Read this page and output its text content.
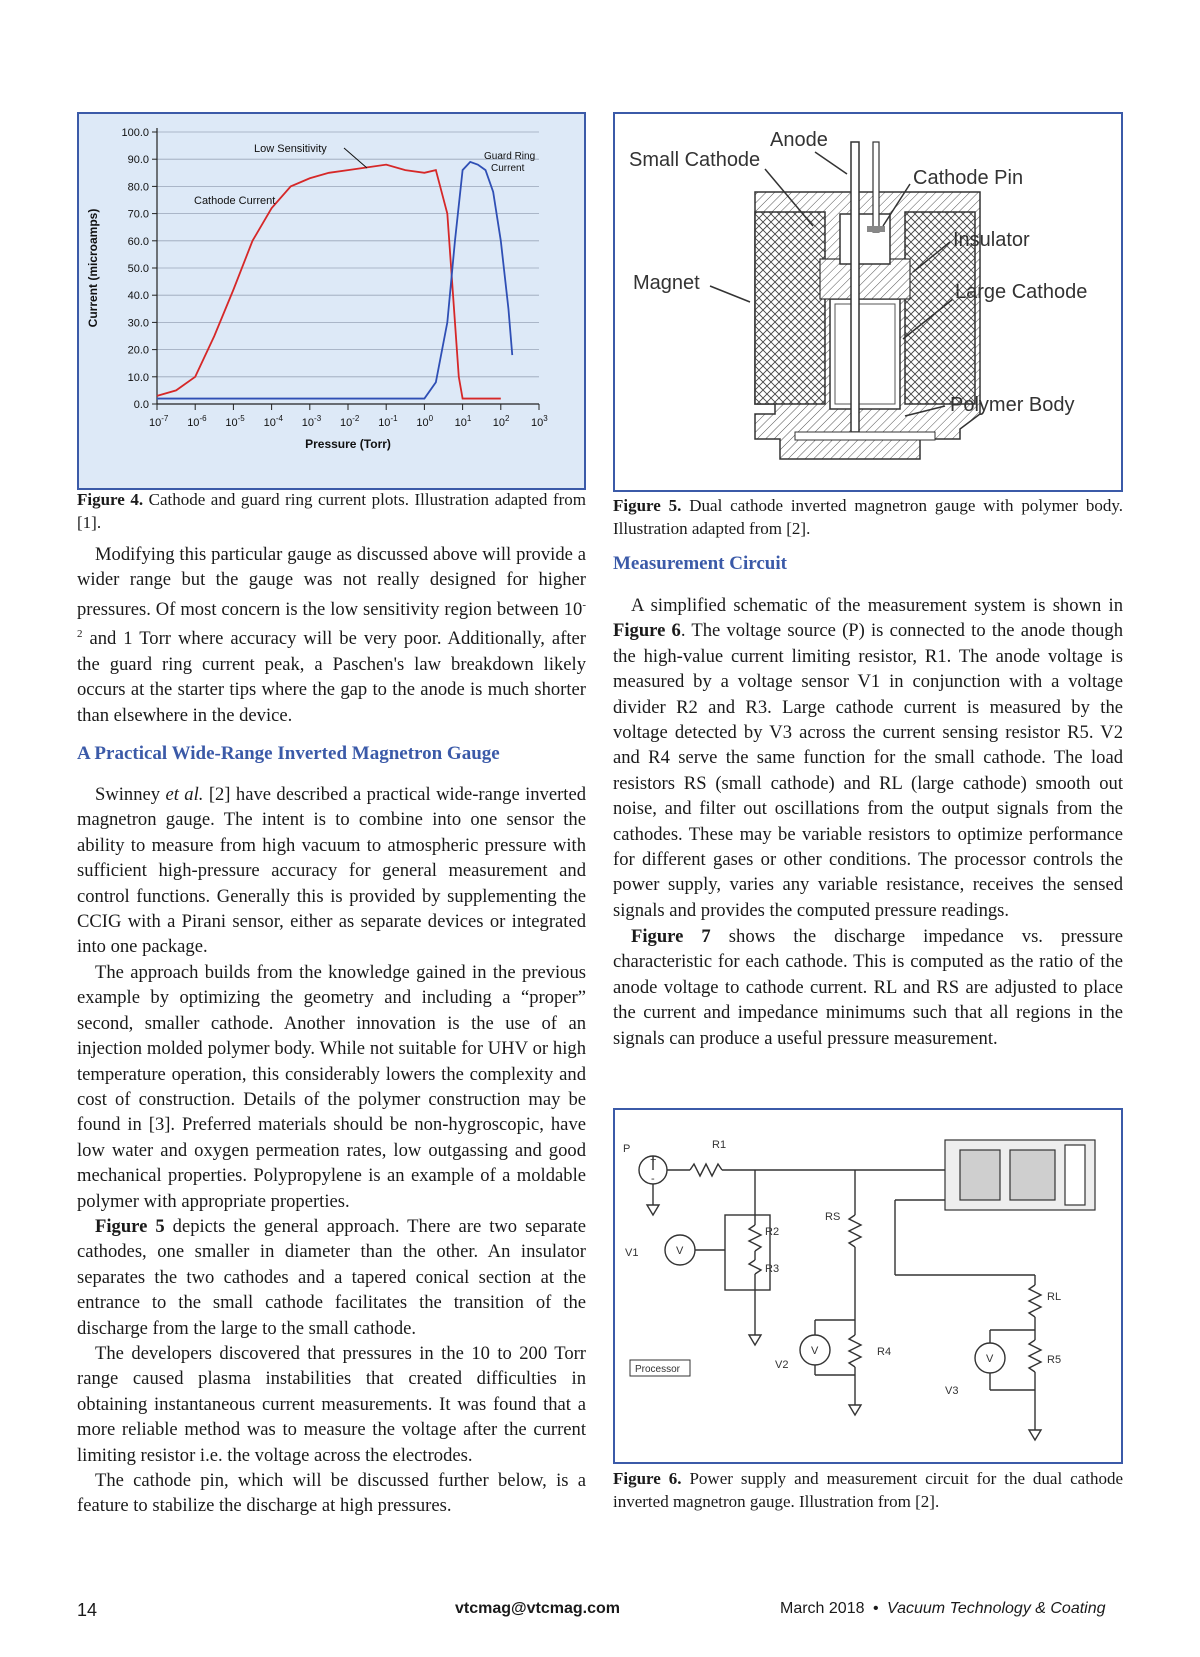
0.0
10.0
20.0
30.0
40.0
50.0
60.0
70.0
80.0
90.0
100.0
$10^{-7}$ $10^{-6}$ $10^{-5}$ $10^{-4}$ $10^{-3}$ $10^{-2}$ $10^{-1}$ $10^0$ $10^1$ $10^2$ $10^3$
Pressure (Torr)
Current (microamps)
Low Sensitivity
Guard Ring
Current
Cathode Current
Figure 4. Cathode and guard ring current plots. Illustration adapted from [1].
Small Cathode
Anode
Cathode Pin
Insulator
Magnet	Large Cathode
Polymer Body
Figure 5. Dual cathode inverted magnetron gauge with polymer body. Illustration adapted from [2].
P
+
-
R1
R2
R3
RS
R4
RL
R5
V1
V2
V3
V
V
V
Processor
Figure 6. Power supply and measurement circuit for the dual cathode inverted magnetron gauge. Illustration from [2].

Modifying this particular gauge as discussed above will provide a wider range but the gauge was not really designed for higher pressures. Of most concern is the low sensitivity region between $10^{-2}$ and 1 Torr where accuracy will be very poor. Additionally, after the guard ring current peak, a Paschen's law breakdown likely occurs at the starter tips where the gap to the anode is much shorter than elsewhere in the device.

A Practical Wide-Range Inverted Magnetron Gauge

Swinney et al. [2] have described a practical wide-range inverted magnetron gauge. The intent is to combine into one sensor the ability to measure from high vacuum to atmospheric pressure with sufficient high-pressure accuracy for general measurement and control functions. Generally this is provided by supplementing the CCIG with a Pirani sensor, either as separate devices or integrated into one package.

The approach builds from the knowledge gained in the previous example by optimizing the geometry and including a “proper” second, smaller cathode. Another innovation is the use of an injection molded polymer body. While not suitable for UHV or high temperature operation, this considerably lowers the complexity and cost of construction. Details of the polymer construction may be found in [3]. Preferred materials should be non-hygroscopic, have low water and oxygen permeation rates, low outgassing and good mechanical properties. Polypropylene is an example of a moldable polymer with appropriate properties.

Figure 5 depicts the general approach. There are two separate cathodes, one smaller in diameter than the other. An insulator separates the two cathodes and a tapered conical section at the entrance to the small cathode facilitates the transition of the discharge from the large to the small cathode.

The developers discovered that pressures in the 10 to 200 Torr range caused plasma instabilities that created difficulties in obtaining instantaneous current measurements. It was found that a more reliable method was to measure the voltage after the current limiting resistor i.e. the voltage across the electrodes.

The cathode pin, which will be discussed further below, is a feature to stabilize the discharge at high pressures.

Measurement Circuit

A simplified schematic of the measurement system is shown in Figure 6. The voltage source (P) is connected to the anode though the high-value current limiting resistor, R1. The anode voltage is measured by a voltage sensor V1 in conjunction with a voltage divider R2 and R3. Large cathode current is measured by the voltage detected by V3 across the current sensing resistor R5. V2 and R4 serve the same function for the small cathode. The load resistors RS (small cathode) and RL (large cathode) smooth out noise, and filter out oscillations from the output signals from the cathodes. These may be variable resistors to optimize performance for different gases or other conditions. The processor controls the power supply, varies any variable resistance, receives the sensed signals and provides the computed pressure readings.

Figure 7 shows the discharge impedance vs. pressure characteristic for each cathode. This is computed as the ratio of the anode voltage to cathode current. RL and RS are adjusted to place the current and impedance minimums such that all regions in the signals can produce a useful pressure measurement.

14	vtcmag@vtcmag.com	March 2018 • Vacuum Technology & Coating
